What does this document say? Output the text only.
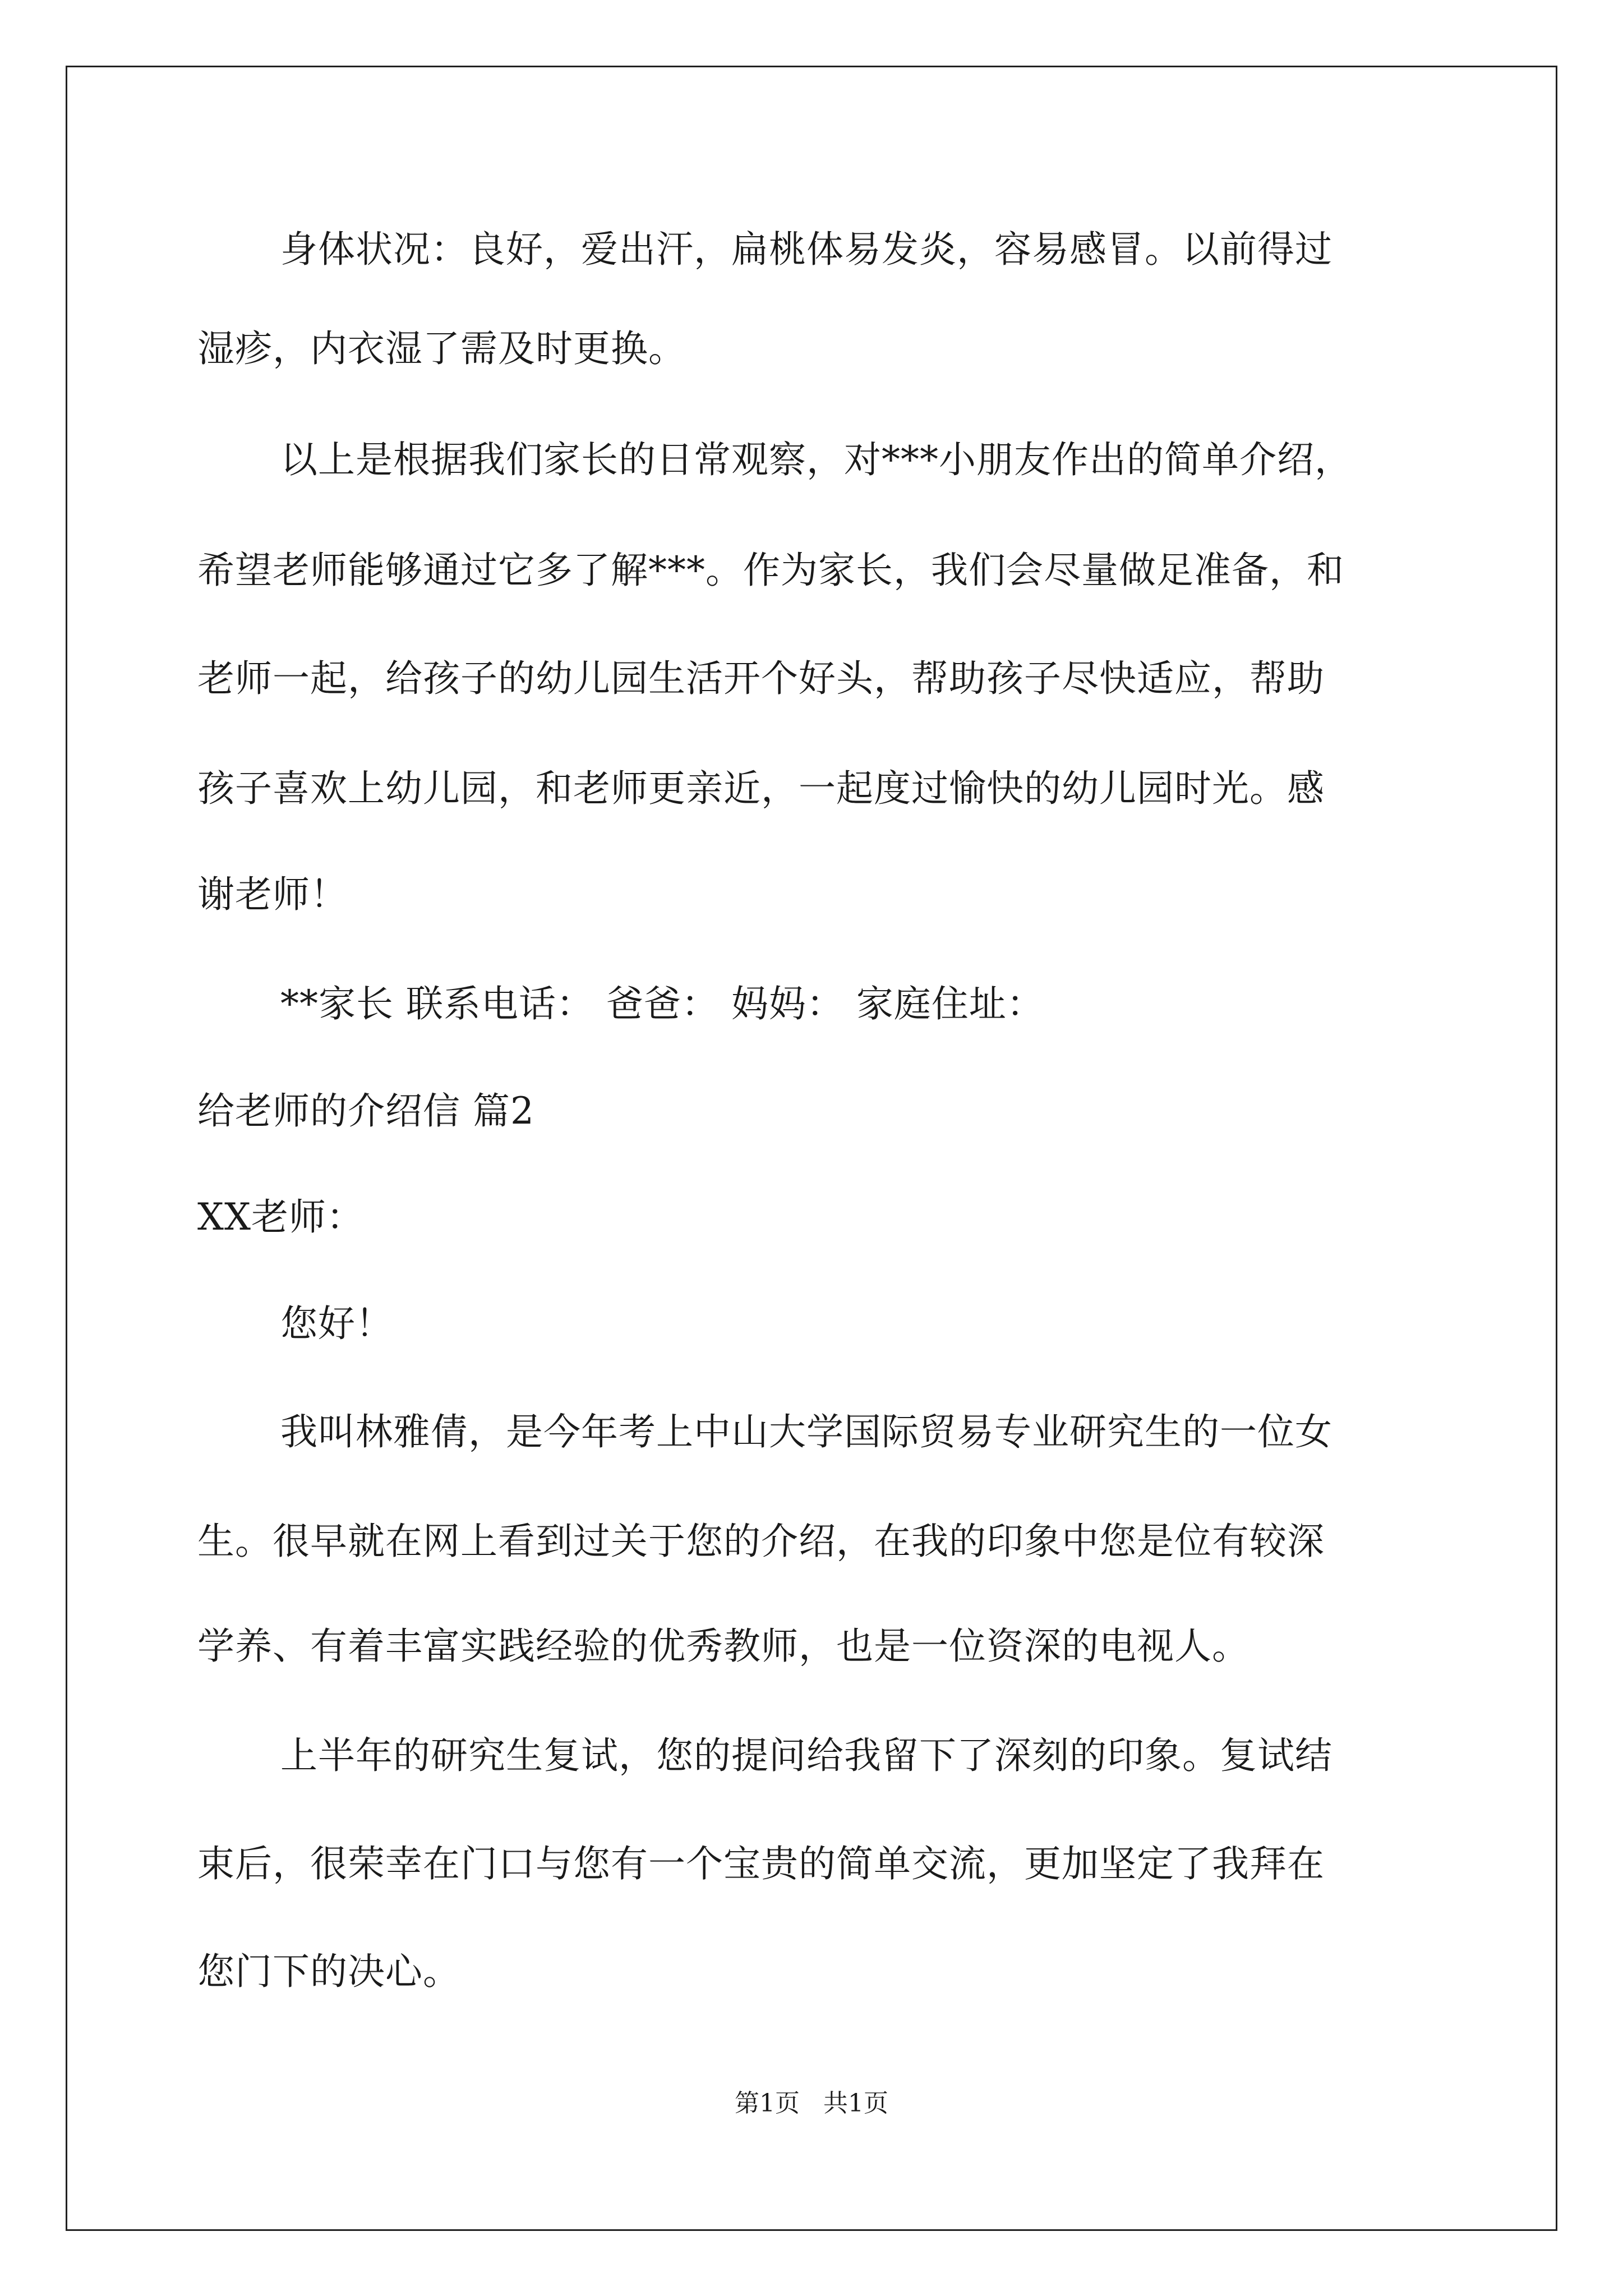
身体状况：良好，爱出汗，扁桃体易发炎，容易感冒。以前得过
湿疹，内衣湿了需及时更换。
以上是根据我们家长的日常观察，对***小朋友作出的简单介绍，
希望老师能够通过它多了解***。作为家长，我们会尽量做足准备，和
老师一起，给孩子的幼儿园生活开个好头，帮助孩子尽快适应，帮助
孩子喜欢上幼儿园，和老师更亲近，一起度过愉快的幼儿园时光。感
谢老师！
**家长 联系电话： 爸爸： 妈妈： 家庭住址：
给老师的介绍信 篇2
XX老师：
您好！
我叫林雅倩，是今年考上中山大学国际贸易专业研究生的一位女
生。很早就在网上看到过关于您的介绍，在我的印象中您是位有较深
学养、有着丰富实践经验的优秀教师，也是一位资深的电视人。
上半年的研究生复试，您的提问给我留下了深刻的印象。复试结
束后，很荣幸在门口与您有一个宝贵的简单交流，更加坚定了我拜在
您门下的决心。
第1页   共1页
